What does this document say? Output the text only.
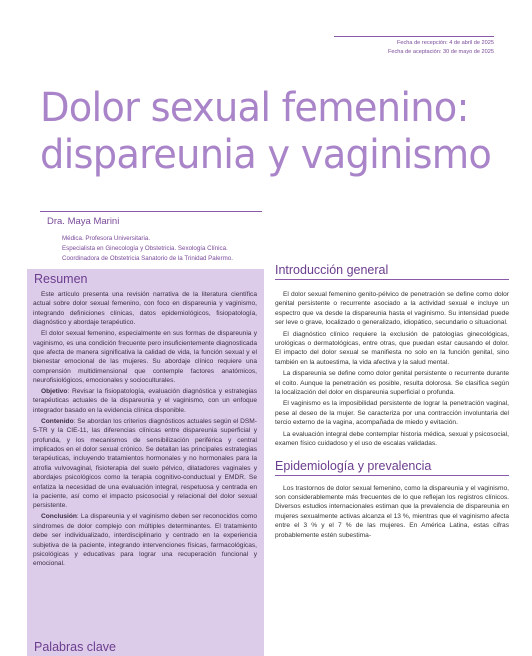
Fecha de recepción: 4 de abril de 2025
Fecha de aceptación: 30 de mayo de 2025
Dolor sexual femenino:
dispareunia y vaginismo
Dra. Maya Marini
Médica. Profesora Universitaria.
Especialista en Ginecología y Obstetricia. Sexología Clínica.
Coordinadora de Obstetricia Sanatorio de la Trinidad Palermo.
Resumen

Este artículo presenta una revisión narrativa de la literatura científica actual sobre dolor sexual femenino, con foco en dispareunia y vaginismo, integrando definiciones clínicas, datos epidemiológicos, fisiopatología, diagnóstico y abordaje terapéutico.

El dolor sexual femenino, especialmente en sus formas de dispareunia y vaginismo, es una condición frecuente pero insuficientemente diagnosticada que afecta de manera significativa la calidad de vida, la función sexual y el bienestar emocional de las mujeres. Su abordaje clínico requiere una comprensión multidimensional que contemple factores anatómicos, neurofisiológicos, emocionales y socioculturales.

Objetivo: Revisar la fisiopatología, evaluación diagnóstica y estrategias terapéuticas actuales de la dispareunia y el vaginismo, con un enfoque integrador basado en la evidencia clínica disponible.

Contenido: Se abordan los criterios diagnósticos actuales según el DSM-5-TR y la CIE-11, las diferencias clínicas entre dispareunia superficial y profunda, y los mecanismos de sensibilización periférica y central implicados en el dolor sexual crónico. Se detallan las principales estrategias terapéuticas, incluyendo tratamientos hormonales y no hormonales para la atrofia vulvovaginal, fisioterapia del suelo pélvico, dilatadores vaginales y abordajes psicológicos como la terapia cognitivo-conductual y EMDR. Se enfatiza la necesidad de una evaluación integral, respetuosa y centrada en la paciente, así como el impacto psicosocial y relacional del dolor sexual persistente.

Conclusión: La dispareunia y el vaginismo deben ser reconocidos como síndromes de dolor complejo con múltiples determinantes. El tratamiento debe ser individualizado, interdisciplinario y centrado en la experiencia subjetiva de la paciente, integrando intervenciones físicas, farmacológicas, psicológicas y educativas para lograr una recuperación funcional y emocional.

Palabras clave
Introducción general

El dolor sexual femenino genito-pélvico de penetración se define como dolor genital persistente o recurrente asociado a la actividad sexual e incluye un espectro que va desde la dispareunia hasta el vaginismo. Su intensidad puede ser leve o grave, localizado o generalizado, idiopático, secundario o situacional.

El diagnóstico clínico requiere la exclusión de patologías ginecológicas, urológicas o dermatológicas, entre otras, que puedan estar causando el dolor. El impacto del dolor sexual se manifiesta no solo en la función genital, sino también en la autoestima, la vida afectiva y la salud mental.

La dispareunia se define como dolor genital persistente o recurrente durante el coito. Aunque la penetración es posible, resulta dolorosa. Se clasifica según la localización del dolor en dispareunia superficial o profunda.

El vaginismo es la imposibilidad persistente de lograr la penetración vaginal, pese al deseo de la mujer. Se caracteriza por una contracción involuntaria del tercio externo de la vagina, acompañada de miedo y evitación.

La evaluación integral debe contemplar historia médica, sexual y psicosocial, examen físico cuidadoso y el uso de escalas validadas.

Epidemiología y prevalencia

Los trastornos de dolor sexual femenino, como la dispareunia y el vaginismo, son considerablemente más frecuentes de lo que reflejan los registros clínicos. Diversos estudios internacionales estiman que la prevalencia de dispareunia en mujeres sexualmente activas alcanza el 13 %, mientras que el vaginismo afecta entre el 3 % y el 7 % de las mujeres. En América Latina, estas cifras probablemente estén subestima-
